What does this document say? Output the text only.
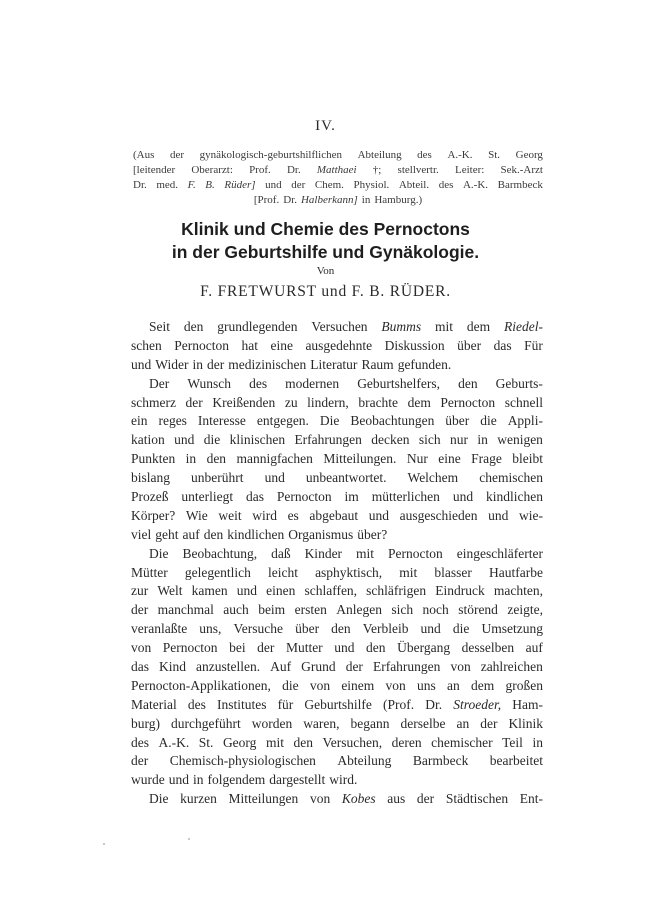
IV.
(Aus der gynäkologisch-geburtshilflichen Abteilung des A.-K. St. Georg
[leitender Oberarzt: Prof. Dr. Matthaei †; stellvertr. Leiter: Sek.-Arzt
Dr. med. F. B. Rüder] und der Chem. Physiol. Abteil. des A.-K. Barmbeck
[Prof. Dr. Halberkann] in Hamburg.)
Klinik und Chemie des Pernoctons
in der Geburtshilfe und Gynäkologie.
Von
F. FRETWURST und F. B. RÜDER.
Seit den grundlegenden Versuchen Bumms mit dem Riedel-
schen Pernocton hat eine ausgedehnte Diskussion über das Für
und Wider in der medizinischen Literatur Raum gefunden.
Der Wunsch des modernen Geburtshelfers, den Geburts-
schmerz der Kreißenden zu lindern, brachte dem Pernocton schnell
ein reges Interesse entgegen. Die Beobachtungen über die Appli-
kation und die klinischen Erfahrungen decken sich nur in wenigen
Punkten in den mannigfachen Mitteilungen. Nur eine Frage bleibt
bislang unberührt und unbeantwortet. Welchem chemischen
Prozeß unterliegt das Pernocton im mütterlichen und kindlichen
Körper? Wie weit wird es abgebaut und ausgeschieden und wie-
viel geht auf den kindlichen Organismus über?
Die Beobachtung, daß Kinder mit Pernocton eingeschläferter
Mütter gelegentlich leicht asphyktisch, mit blasser Hautfarbe
zur Welt kamen und einen schlaffen, schläfrigen Eindruck machten,
der manchmal auch beim ersten Anlegen sich noch störend zeigte,
veranlaßte uns, Versuche über den Verbleib und die Umsetzung
von Pernocton bei der Mutter und den Übergang desselben auf
das Kind anzustellen. Auf Grund der Erfahrungen von zahlreichen
Pernocton-Applikationen, die von einem von uns an dem großen
Material des Institutes für Geburtshilfe (Prof. Dr. Stroeder, Ham-
burg) durchgeführt worden waren, begann derselbe an der Klinik
des A.-K. St. Georg mit den Versuchen, deren chemischer Teil in
der Chemisch-physiologischen Abteilung Barmbeck bearbeitet
wurde und in folgendem dargestellt wird.
Die kurzen Mitteilungen von Kobes aus der Städtischen Ent-
